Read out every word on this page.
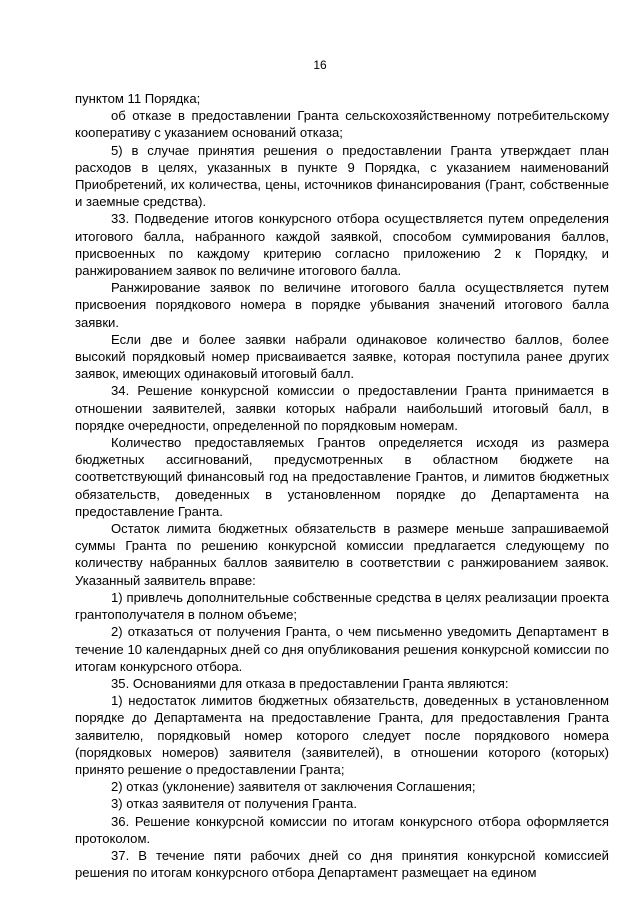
16

пунктом 11 Порядка;

об отказе в предоставлении Гранта сельскохозяйственному потребительскому кооперативу с указанием оснований отказа;

5) в случае принятия решения о предоставлении Гранта утверждает план расходов в целях, указанных в пункте 9 Порядка, с указанием наименований Приобретений, их количества, цены, источников финансирования (Грант, собственные и заемные средства).

33. Подведение итогов конкурсного отбора осуществляется путем определения итогового балла, набранного каждой заявкой, способом суммирования баллов, присвоенных по каждому критерию согласно приложению 2 к Порядку, и ранжированием заявок по величине итогового балла.

Ранжирование заявок по величине итогового балла осуществляется путем присвоения порядкового номера в порядке убывания значений итогового балла заявки.

Если две и более заявки набрали одинаковое количество баллов, более высокий порядковый номер присваивается заявке, которая поступила ранее других заявок, имеющих одинаковый итоговый балл.

34. Решение конкурсной комиссии о предоставлении Гранта принимается в отношении заявителей, заявки которых набрали наибольший итоговый балл, в порядке очередности, определенной по порядковым номерам.

Количество предоставляемых Грантов определяется исходя из размера бюджетных ассигнований, предусмотренных в областном бюджете на соответствующий финансовый год на предоставление Грантов, и лимитов бюджетных обязательств, доведенных в установленном порядке до Департамента на предоставление Гранта.

Остаток лимита бюджетных обязательств в размере меньше запрашиваемой суммы Гранта по решению конкурсной комиссии предлагается следующему по количеству набранных баллов заявителю в соответствии с ранжированием заявок. Указанный заявитель вправе:

1) привлечь дополнительные собственные средства в целях реализации проекта грантополучателя в полном объеме;

2) отказаться от получения Гранта, о чем письменно уведомить Департамент в течение 10 календарных дней со дня опубликования решения конкурсной комиссии по итогам конкурсного отбора.

35. Основаниями для отказа в предоставлении Гранта являются:

1) недостаток лимитов бюджетных обязательств, доведенных в установленном порядке до Департамента на предоставление Гранта, для предоставления Гранта заявителю, порядковый номер которого следует после порядкового номера (порядковых номеров) заявителя (заявителей), в отношении которого (которых) принято решение о предоставлении Гранта;

2) отказ (уклонение) заявителя от заключения Соглашения;

3) отказ заявителя от получения Гранта.

36. Решение конкурсной комиссии по итогам конкурсного отбора оформляется протоколом.

37. В течение пяти рабочих дней со дня принятия конкурсной комиссией решения по итогам конкурсного отбора Департамент размещает на едином
